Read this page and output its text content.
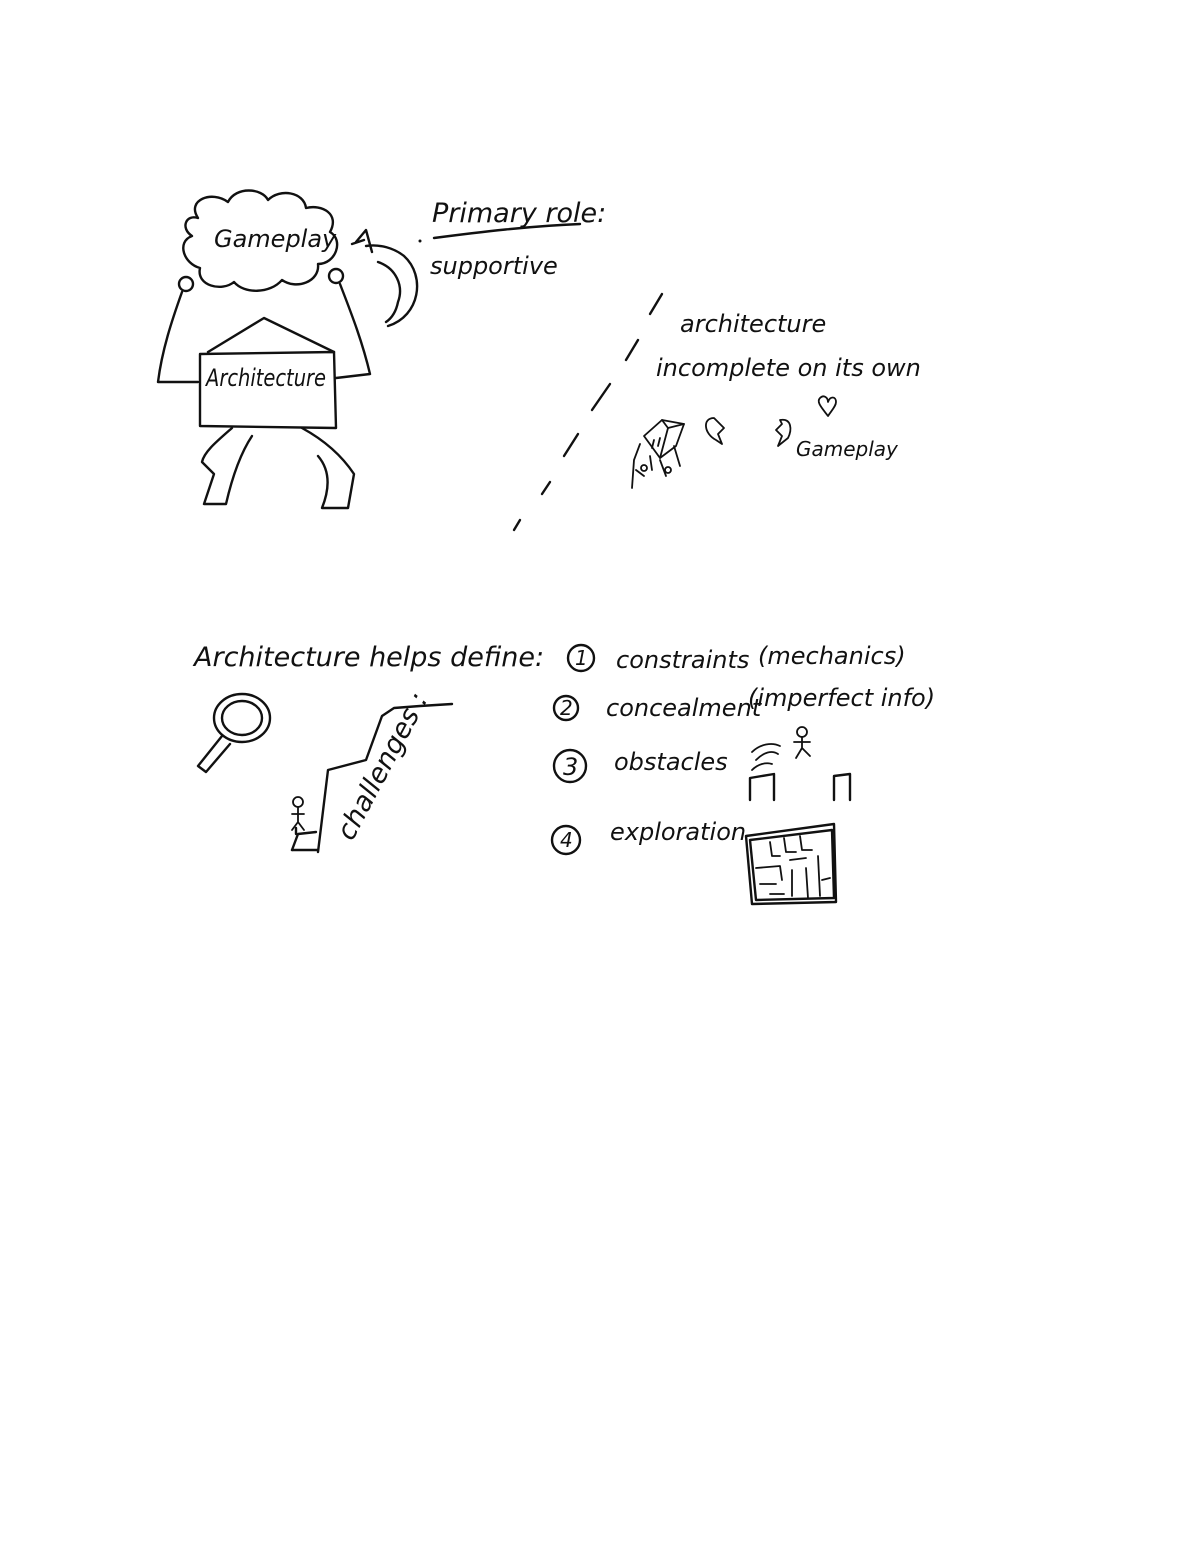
Gameplay
Architecture
Primary role:
supportive
architecture
incomplete on its own
Gameplay
Architecture helps define:
challenges :
1 constraints (mechanics)
2 concealment
(imperfect info)
3 obstacles
4 exploration
